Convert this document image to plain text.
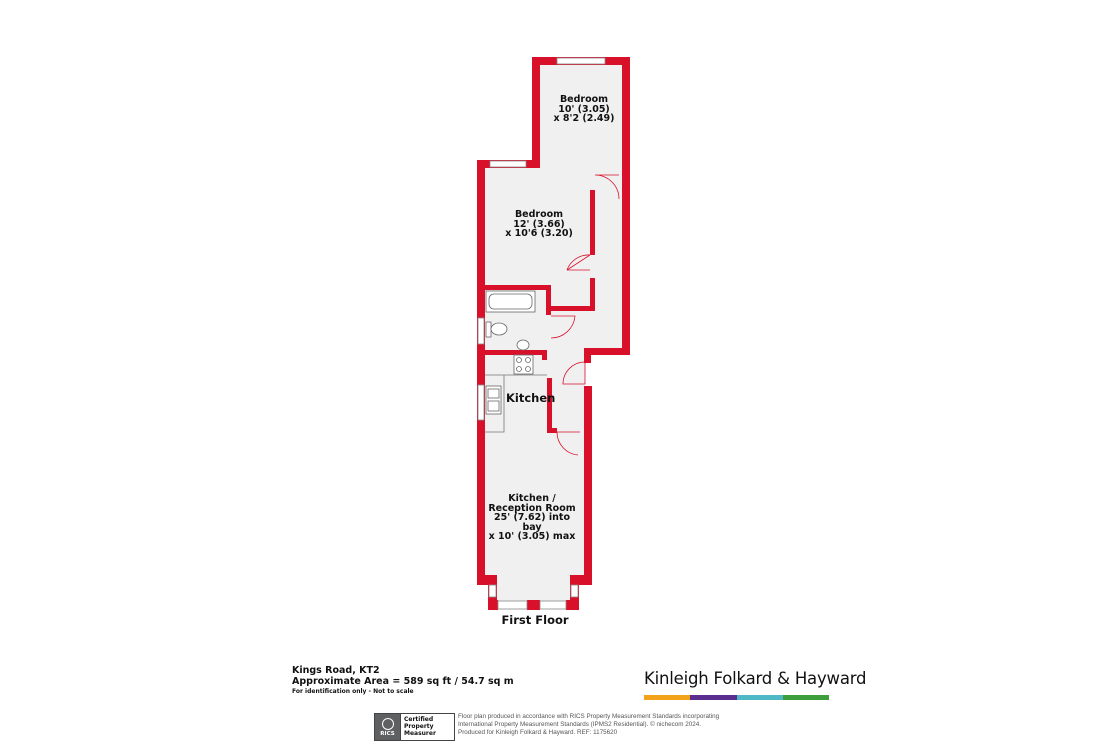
Bedroom
10' (3.05)
x 8'2 (2.49)
Bedroom
12' (3.66)
x 10'6 (3.20)
Kitchen
Kitchen /
Reception Room
25' (7.62) into bay
x 10' (3.05) max
First Floor
Kings Road, KT2
Approximate Area = 589 sq ft / 54.7 sq m
For identification only - Not to scale
Kinleigh Folkard & Hayward
RICS
Certified
Property
Measurer
Floor plan produced in accordance with RICS Property Measurement Standards incorporating
International Property Measurement Standards (IPMS2 Residential). © nichecom 2024.
Produced for Kinleigh Folkard & Hayward. REF: 1175620
